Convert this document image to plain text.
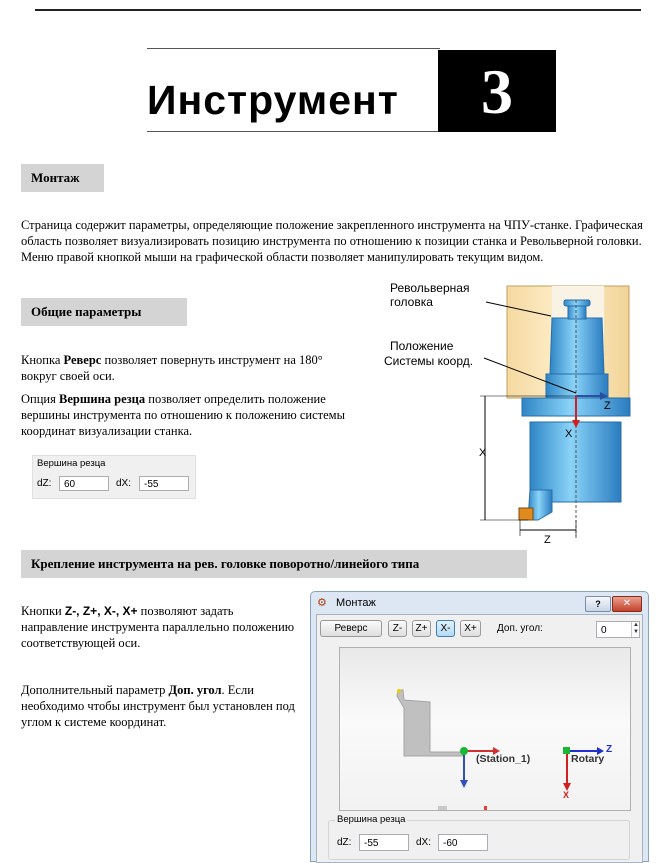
Инструмент	3
Монтаж
Страница содержит параметры, определяющие положение закрепленного инструмента на ЧПУ-станке. Графическая область позволяет визуализировать позицию инструмента по отношению к позиции станка и Револьверной головки. Меню правой кнопкой мыши на графической области позволяет манипулировать текущим видом.
Общие параметры
Кнопка Реверс позволяет повернуть инструмент на 180° вокруг своей оси.
Опция Вершина резца позволяет определить положение вершины инструмента по отношению к положению системы координат визуализации станка.
Вершина резца
dZ:	60	dX:	-55
Револьверная
головка
Положение
Системы коорд.
Z
X
X
Z
Крепление инструмента на рев. головке поворотно/линейого типа
Кнопки Z-, Z+, X-, X+ позволяют задать направление инструмента параллельно положению соответствующей оси.
Дополнительный параметр Доп. угол. Если необходимо чтобы инструмент был установлен под углом к системе координат.
⚙ Монтаж	?	✕
Реверс	Z-	Z+	X-	X+	Доп. угол:	0	▲
▼
(Station_1)	Rotary
Z
X
Вершина резца
dZ:	-55	dX:	-60
